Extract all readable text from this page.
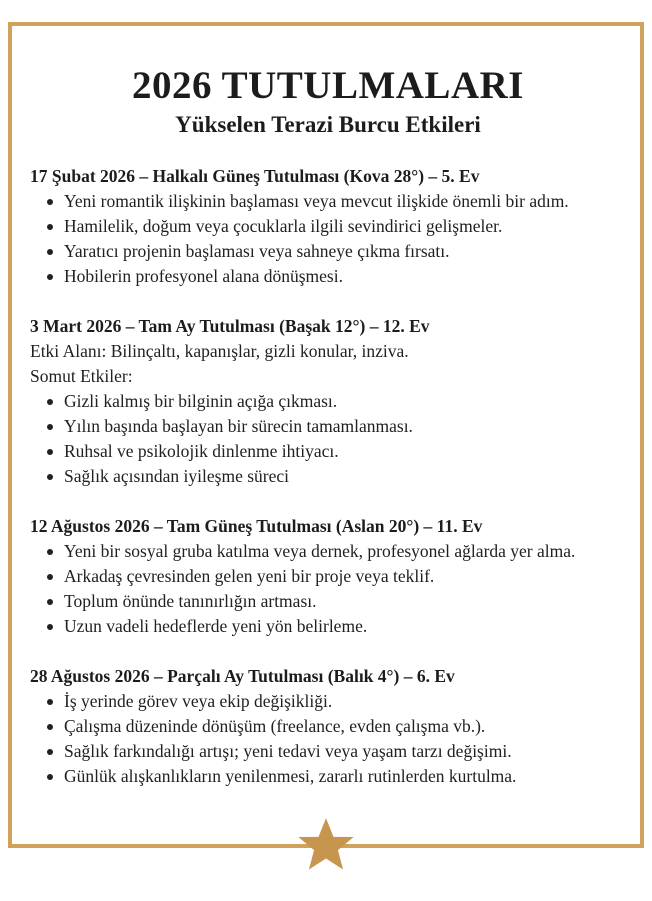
2026 TUTULMALARI
Yükselen Terazi Burcu Etkileri
17 Şubat 2026 – Halkalı Güneş Tutulması (Kova 28°) – 5. Ev
Yeni romantik ilişkinin başlaması veya mevcut ilişkide önemli bir adım.
Hamilelik, doğum veya çocuklarla ilgili sevindirici gelişmeler.
Yaratıcı projenin başlaması veya sahneye çıkma fırsatı.
Hobilerin profesyonel alana dönüşmesi.
3 Mart 2026 – Tam Ay Tutulması (Başak 12°) – 12. Ev

Etki Alanı: Bilinçaltı, kapanışlar, gizli konular, inziva.

Somut Etkiler:

Gizli kalmış bir bilginin açığa çıkması.
Yılın başında başlayan bir sürecin tamamlanması.
Ruhsal ve psikolojik dinlenme ihtiyacı.
Sağlık açısından iyileşme süreci
12 Ağustos 2026 – Tam Güneş Tutulması (Aslan 20°) – 11. Ev
Yeni bir sosyal gruba katılma veya dernek, profesyonel ağlarda yer alma.
Arkadaş çevresinden gelen yeni bir proje veya teklif.
Toplum önünde tanınırlığın artması.
Uzun vadeli hedeflerde yeni yön belirleme.
28 Ağustos 2026 – Parçalı Ay Tutulması (Balık 4°) – 6. Ev
İş yerinde görev veya ekip değişikliği.
Çalışma düzeninde dönüşüm (freelance, evden çalışma vb.).
Sağlık farkındalığı artışı; yeni tedavi veya yaşam tarzı değişimi.
Günlük alışkanlıkların yenilenmesi, zararlı rutinlerden kurtulma.
